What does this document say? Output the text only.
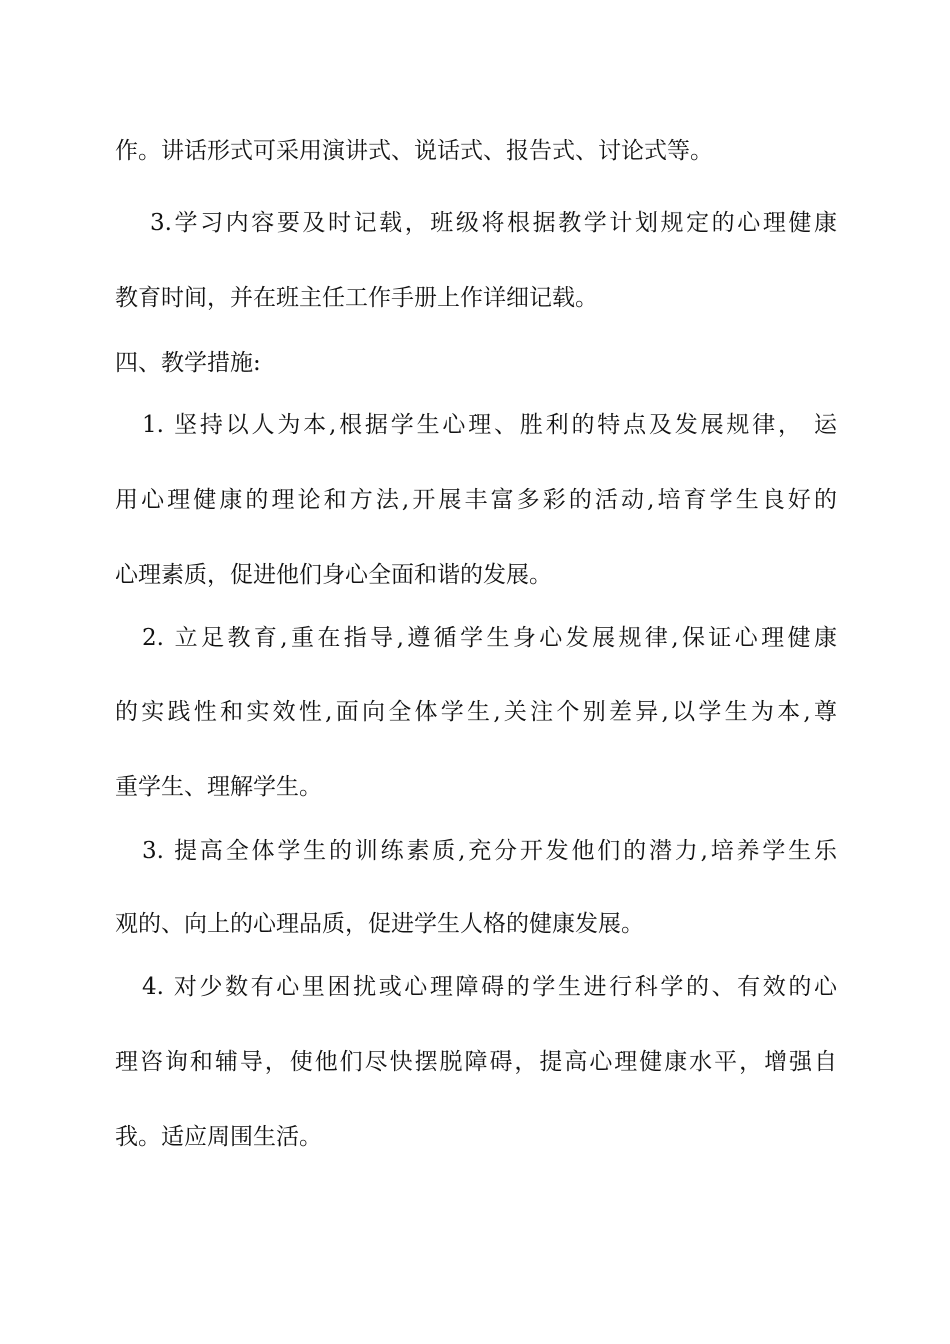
作。讲话形式可采用演讲式、说话式、报告式、讨论式等。
3.学习内容要及时记载，班级将根据教学计划规定的心理健康
教育时间，并在班主任工作手册上作详细记载。
四、教学措施:
1. 坚持以人为本,根据学生心理、胜利的特点及发展规律， 运
用心理健康的理论和方法,开展丰富多彩的活动,培育学生良好的
心理素质，促进他们身心全面和谐的发展。
2. 立足教育,重在指导,遵循学生身心发展规律,保证心理健康
的实践性和实效性,面向全体学生,关注个别差异,以学生为本,尊
重学生、理解学生。
3. 提高全体学生的训练素质,充分开发他们的潜力,培养学生乐
观的、向上的心理品质，促进学生人格的健康发展。
4. 对少数有心里困扰或心理障碍的学生进行科学的、有效的心
理咨询和辅导，使他们尽快摆脱障碍，提高心理健康水平，增强自
我。适应周围生活。
